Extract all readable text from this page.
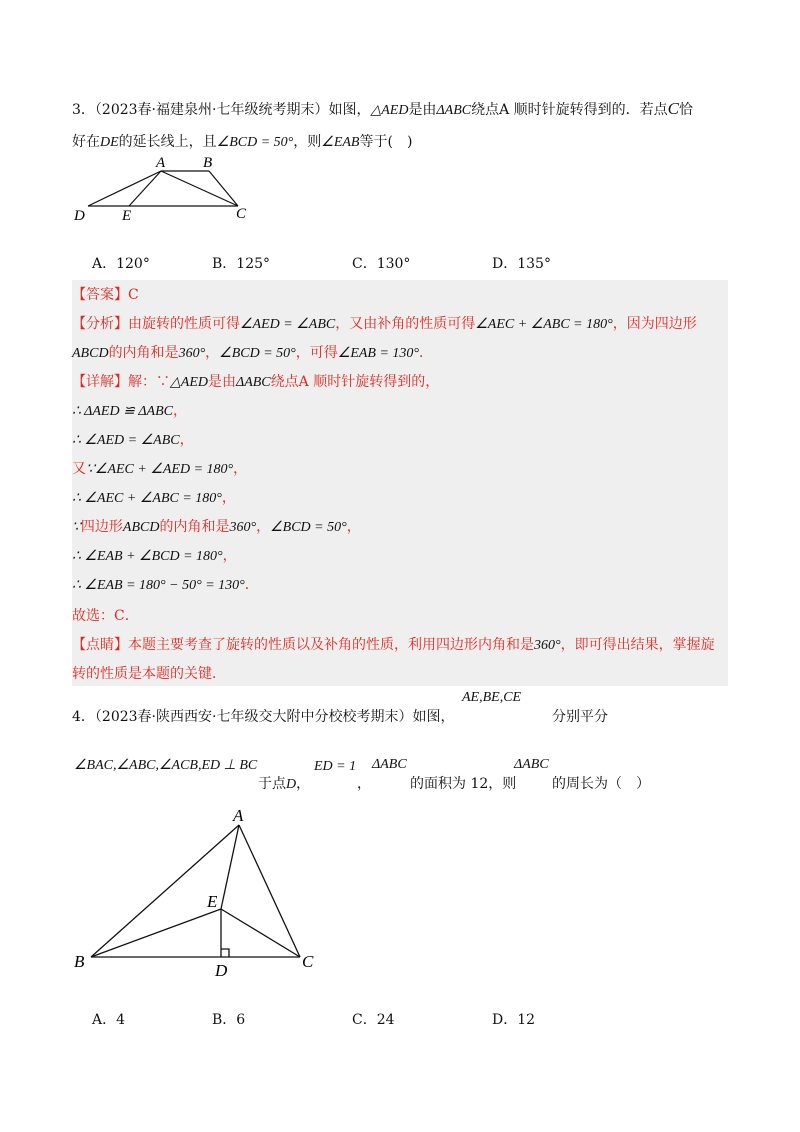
3．（2023春·福建泉州·七年级统考期末）如图，△AED是由ΔABC绕点A 顺时针旋转得到的．若点C恰
好在DE的延长线上，且∠BCD = 50°，则∠EAB等于(　)
A	B
C
D E
A．120°	B．125°	C．130°	D．135°
【答案】C
【分析】由旋转的性质可得∠AED = ∠ABC，又由补角的性质可得∠AEC + ∠ABC = 180°，因为四边形
ABCD的内角和是360°，∠BCD = 50°，可得∠EAB = 130°．
【详解】解：∵△AED是由ΔABC绕点A 顺时针旋转得到的，
∴ ΔAED ≌ ΔABC，
∴ ∠AED = ∠ABC，
又∵∠AEC + ∠AED = 180°，
∴ ∠AEC + ∠ABC = 180°，
∵四边形ABCD的内角和是360°，∠BCD = 50°，
∴ ∠EAB + ∠BCD = 180°，
∴ ∠EAB = 180° − 50° = 130°．
故选：C．
【点睛】本题主要考查了旋转的性质以及补角的性质，利用四边形内角和是360°，即可得出结果，掌握旋
转的性质是本题的关键．
4．（2023春·陕西西安·七年级交大附中分校校考期末）如图，
AE,BE,CE
分别平分
∠BAC,∠ABC,∠ACB,ED ⊥ BC
于点D，
ED = 1
，
ΔABC
的面积为 12，则
ΔABC
的周长为（　）
A
B	C
D
E
A．4	B．6	C．24	D．12
